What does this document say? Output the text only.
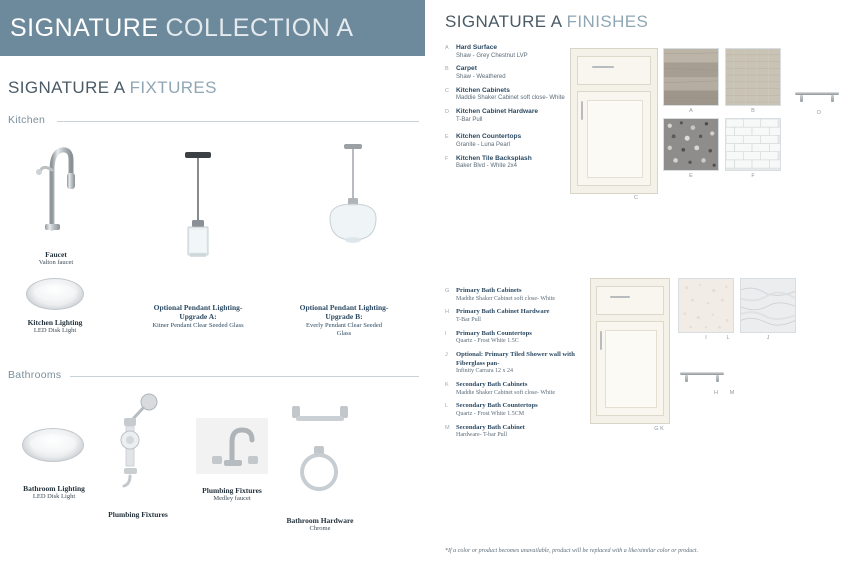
SIGNATURE COLLECTION A
SIGNATURE A FIXTURES
Kitchen
Faucet
Valton faucet
Kitchen Lighting
LED Disk Light
Optional Pendant Lighting- Upgrade A:
Kitner Pendant Clear Seeded Glass
Optional Pendant Lighting- Upgrade B:
Everly Pendant Clear Seeded Glass
Bathrooms
Bathroom Lighting
LED Disk Light
Plumbing Fixtures
Plumbing Fixtures
Medley faucet
Bathroom Hardware
Chrome
SIGNATURE A FINISHES
A Hard Surface
Shaw - Grey Chestnut LVP
B Carpet
Shaw - Weathered
C Kitchen Cabinets
Maddie Shaker Cabinet soft close- White
D Kitchen Cabinet Hardware
T-Bar Pull
E Kitchen Countertops
Granite - Luna Pearl
F Kitchen Tile Backsplash
Baker Blvd - White 2x4
C
A	B
E	F
D
G Primary Bath Cabinets
Maddie Shaker Cabinet soft close- White
H Primary Bath Cabinet Hardware
T-Bar Pull
I Primary Bath Countertops
Quartz - Frost White 1.5C
J Optional: Primary Tiled Shower wall with Fiberglass pan-
Infinity Carrara 12 x 24
K Secondary Bath Cabinets
Maddie Shaker Cabinet soft close- White
L Secondary Bath Countertops
Quartz - Frost White 1.5CM
M Secondary Bath Cabinet
Hardware- T-bar Pull
G K
I	J
L
H	M
*If a color or product becomes unavailable, product will be replaced with a like/similar color or product.
